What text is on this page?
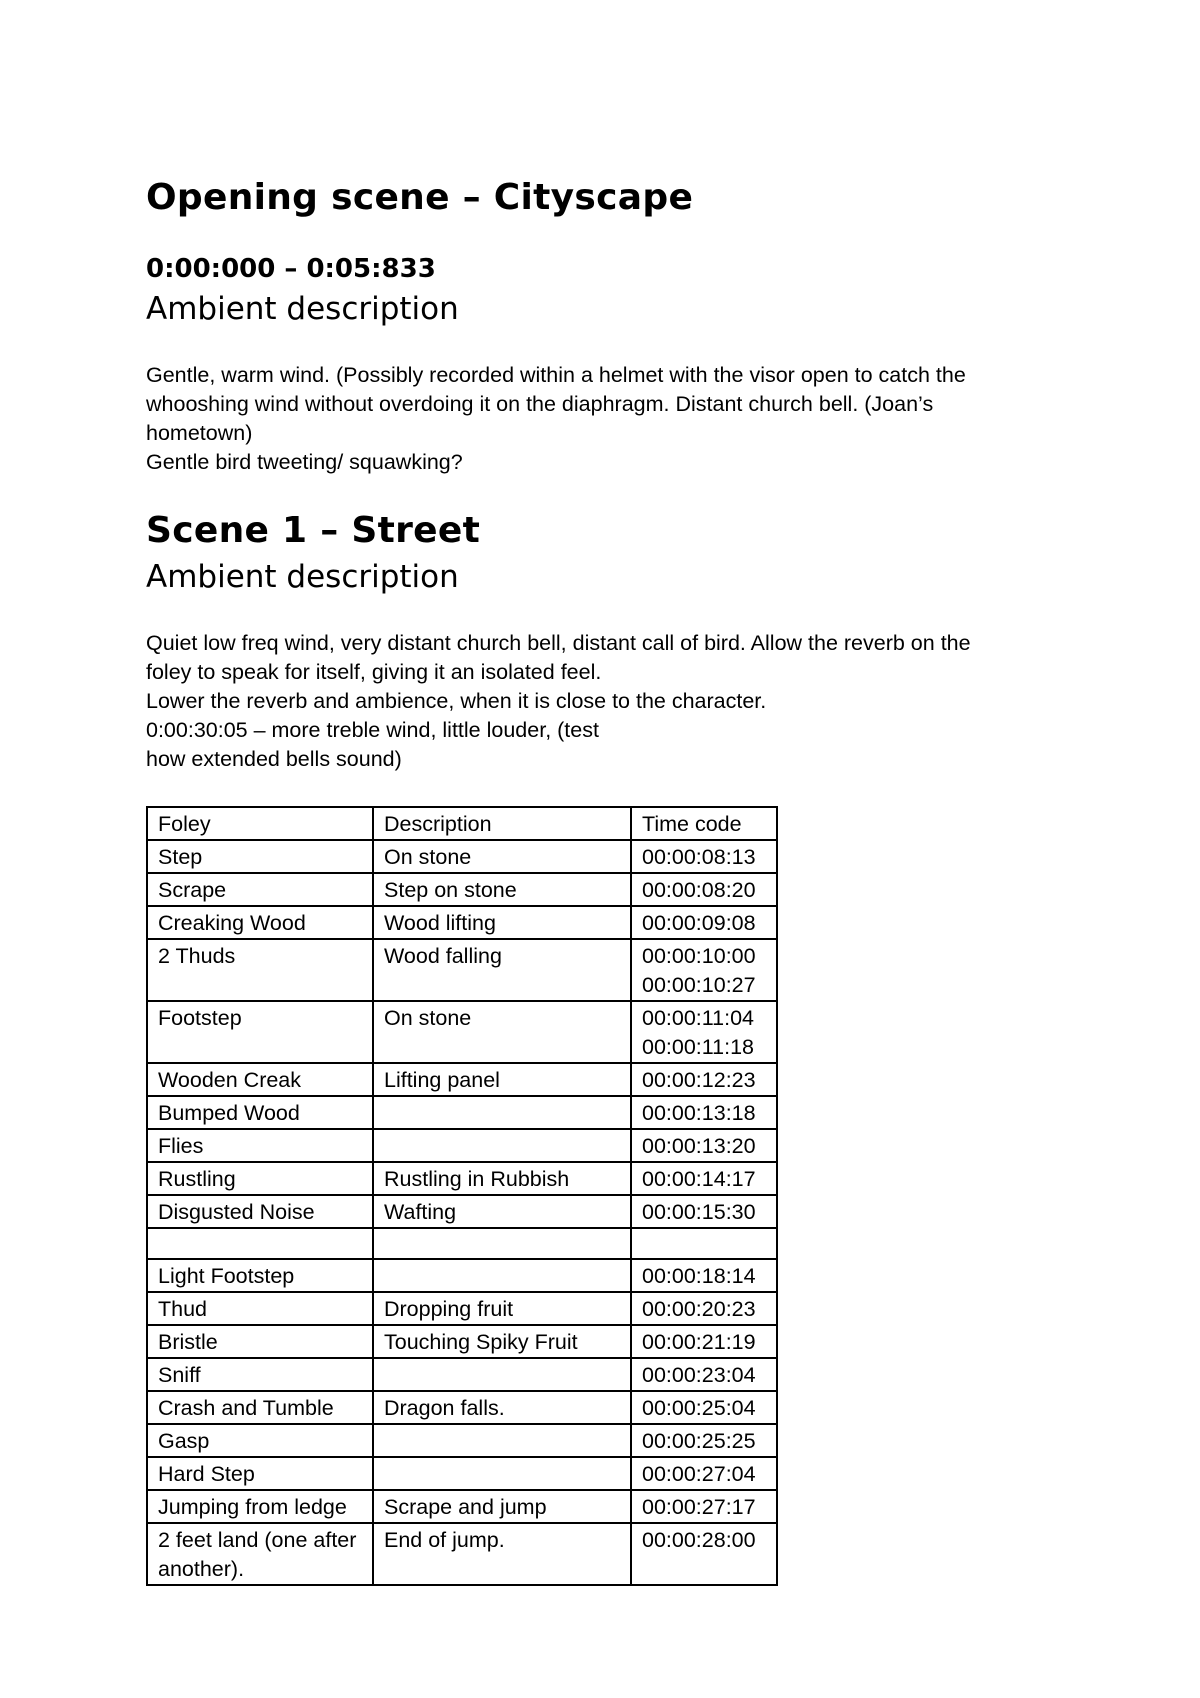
Opening scene – Cityscape
0:00:000 – 0:05:833
Ambient description
Gentle, warm wind. (Possibly recorded within a helmet with the visor open to catch the
whooshing wind without overdoing it on the diaphragm. Distant church bell. (Joan’s
hometown)
Gentle bird tweeting/ squawking?
Scene 1 – Street
Ambient description
Quiet low freq wind, very distant church bell, distant call of bird. Allow the reverb on the
foley to speak for itself, giving it an isolated feel.
Lower the reverb and ambience, when it is close to the character.
0:00:30:05 – more treble wind, little louder, (test
how extended bells sound)
Foley	Description	Time code
Step	On stone	00:00:08:13

Scrape	Step on stone	00:00:08:20

Creaking Wood	Wood lifting	00:00:09:08

2 Thuds	Wood falling	00:00:10:00
00:00:10:27

Footstep	On stone	00:00:11:04
00:00:11:18

Wooden Creak	Lifting panel	00:00:12:23

Bumped Wood		00:00:13:18

Flies		00:00:13:20

Rustling	Rustling in Rubbish	00:00:14:17

Disgusted Noise	Wafting	00:00:15:30

Light Footstep		00:00:18:14

Thud	Dropping fruit	00:00:20:23

Bristle	Touching Spiky Fruit	00:00:21:19

Sniff		00:00:23:04

Crash and Tumble	Dragon falls.	00:00:25:04

Gasp		00:00:25:25

Hard Step		00:00:27:04

Jumping from ledge	Scrape and jump	00:00:27:17

2 feet land (one after another).	End of jump.	00:00:28:00
